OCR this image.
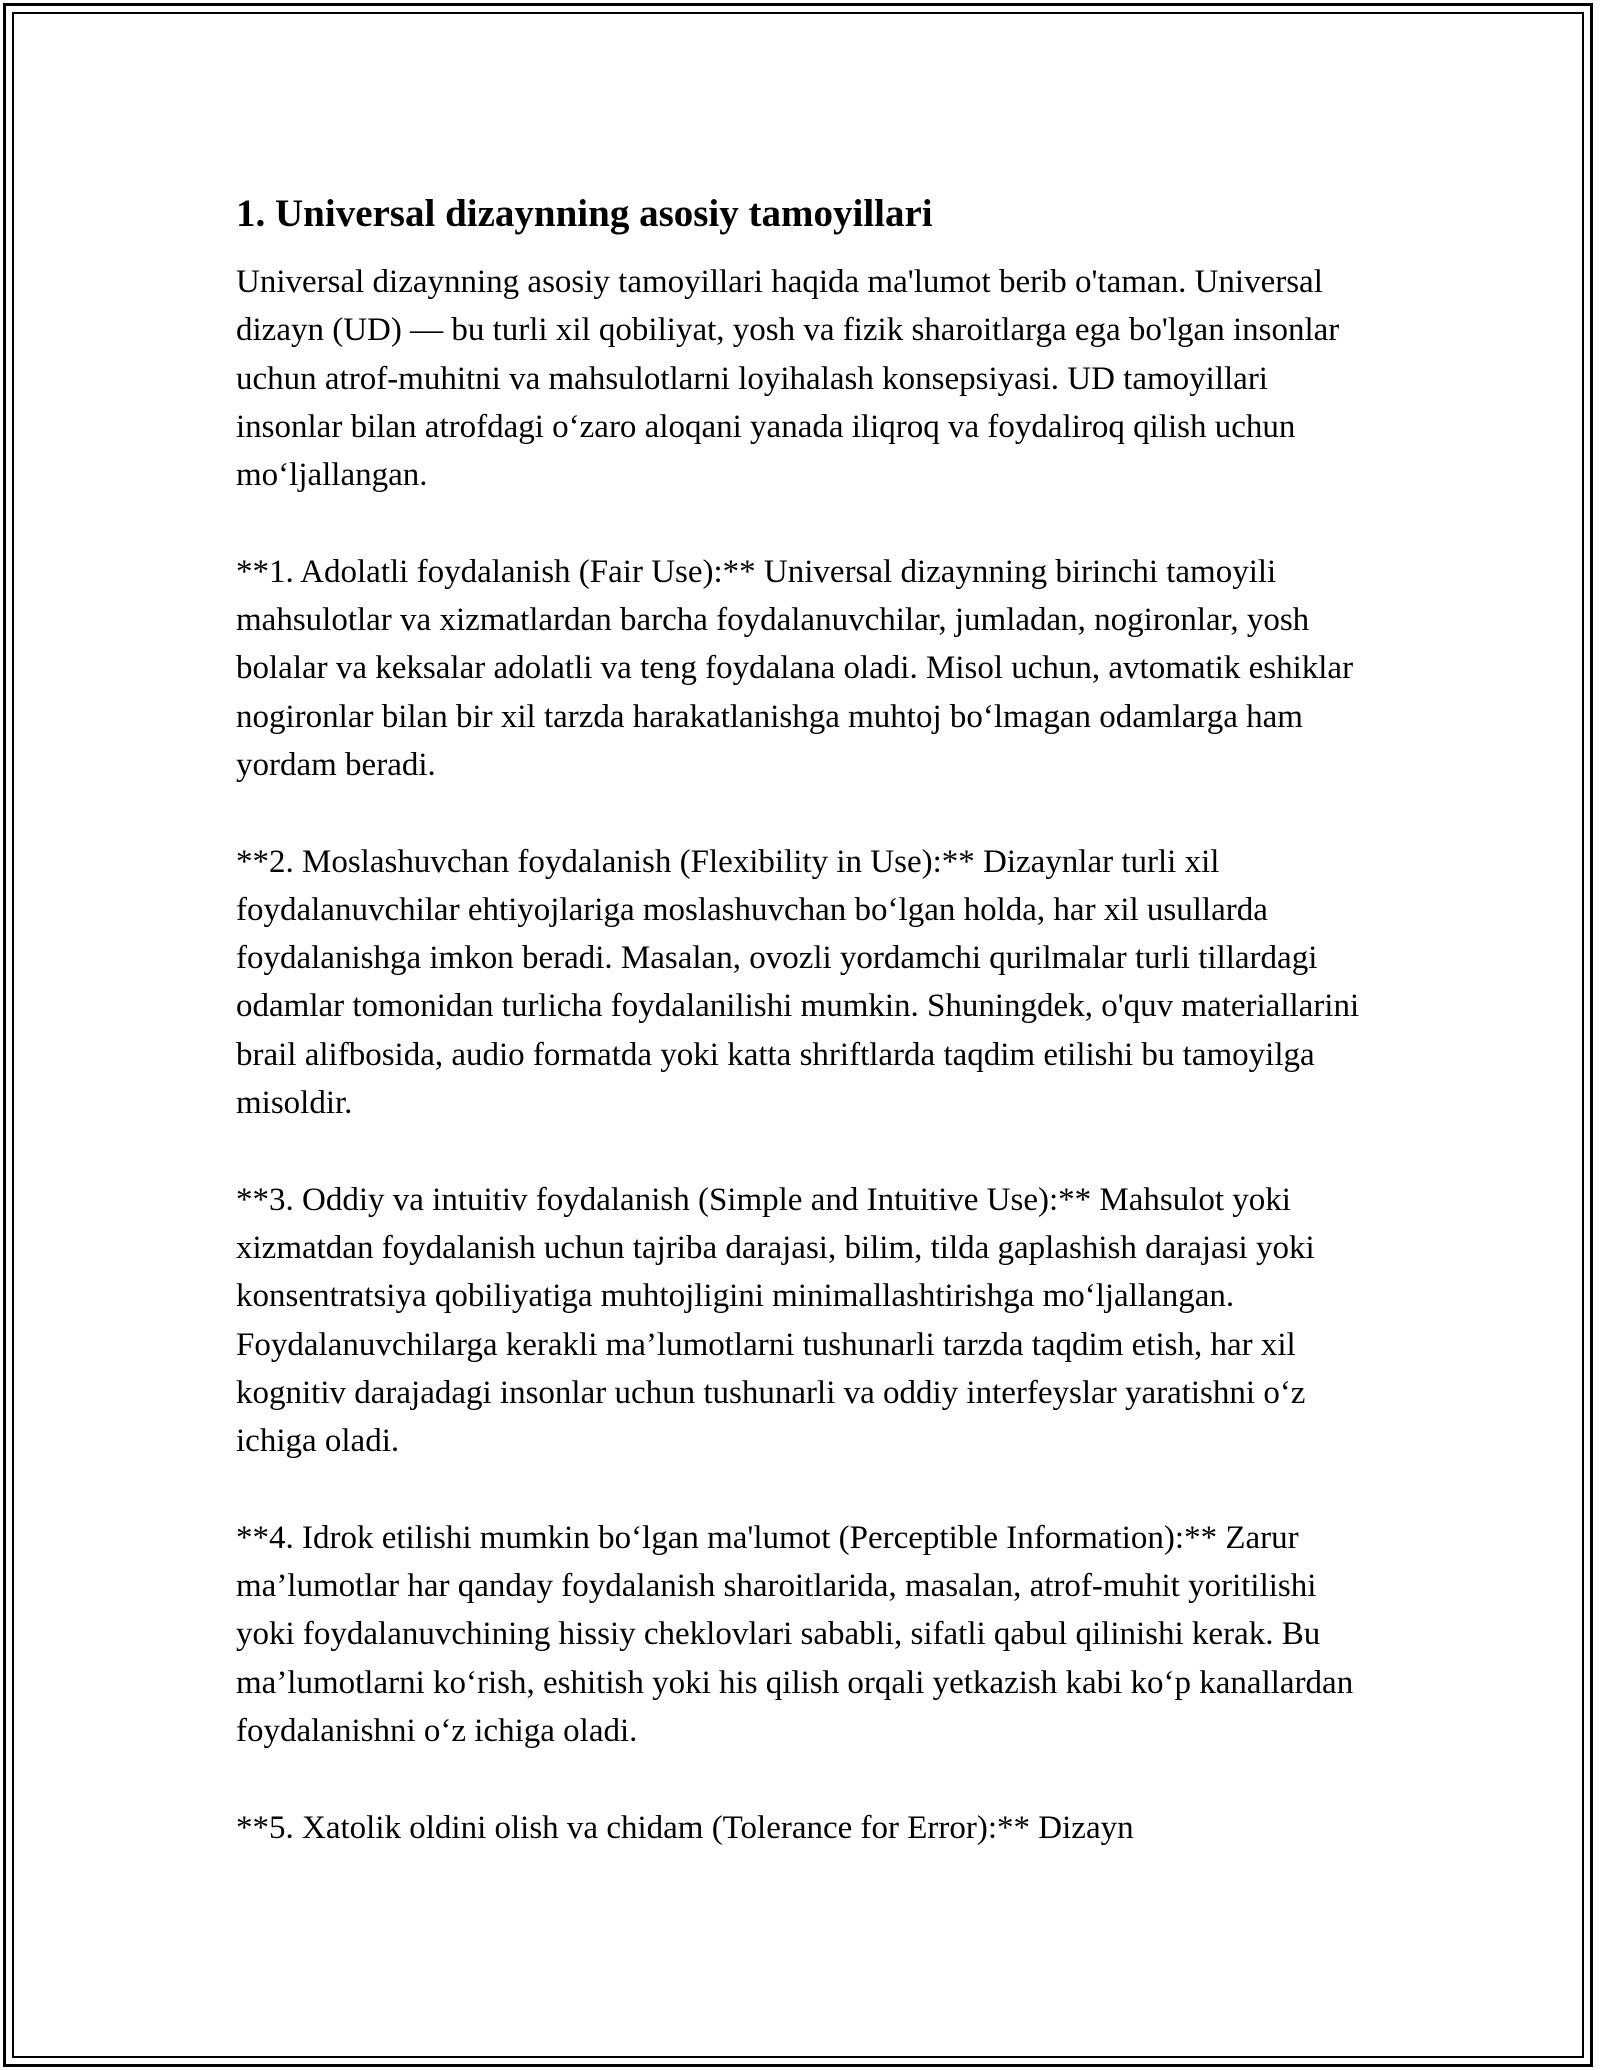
1. Universal dizaynning asosiy tamoyillari

Universal dizaynning asosiy tamoyillari haqida ma'lumot berib o'taman. Universal dizayn (UD) — bu turli xil qobiliyat, yosh va fizik sharoitlarga ega bo'lgan insonlar uchun atrof-muhitni va mahsulotlarni loyihalash konsepsiyasi. UD tamoyillari insonlar bilan atrofdagi o‘zaro aloqani yanada iliqroq va foydaliroq qilish uchun mo‘ljallangan.

**1. Adolatli foydalanish (Fair Use):** Universal dizaynning birinchi tamoyili mahsulotlar va xizmatlardan barcha foydalanuvchilar, jumladan, nogironlar, yosh bolalar va keksalar adolatli va teng foydalana oladi. Misol uchun, avtomatik eshiklar nogironlar bilan bir xil tarzda harakatlanishga muhtoj bo‘lmagan odamlarga ham yordam beradi.

**2. Moslashuvchan foydalanish (Flexibility in Use):** Dizaynlar turli xil foydalanuvchilar ehtiyojlariga moslashuvchan bo‘lgan holda, har xil usullarda foydalanishga imkon beradi. Masalan, ovozli yordamchi qurilmalar turli tillardagi odamlar tomonidan turlicha foydalanilishi mumkin. Shuningdek, o'quv materiallarini brail alifbosida, audio formatda yoki katta shriftlarda taqdim etilishi bu tamoyilga misoldir.

**3. Oddiy va intuitiv foydalanish (Simple and Intuitive Use):** Mahsulot yoki xizmatdan foydalanish uchun tajriba darajasi, bilim, tilda gaplashish darajasi yoki konsentratsiya qobiliyatiga muhtojligini minimallashtirishga mo‘ljallangan. Foydalanuvchilarga kerakli ma’lumotlarni tushunarli tarzda taqdim etish, har xil kognitiv darajadagi insonlar uchun tushunarli va oddiy interfeyslar yaratishni o‘z ichiga oladi.

**4. Idrok etilishi mumkin bo‘lgan ma'lumot (Perceptible Information):** Zarur ma’lumotlar har qanday foydalanish sharoitlarida, masalan, atrof-muhit yoritilishi yoki foydalanuvchining hissiy cheklovlari sababli, sifatli qabul qilinishi kerak. Bu ma’lumotlarni ko‘rish, eshitish yoki his qilish orqali yetkazish kabi ko‘p kanallardan foydalanishni o‘z ichiga oladi.

**5. Xatolik oldini olish va chidam (Tolerance for Error):** Dizayn
